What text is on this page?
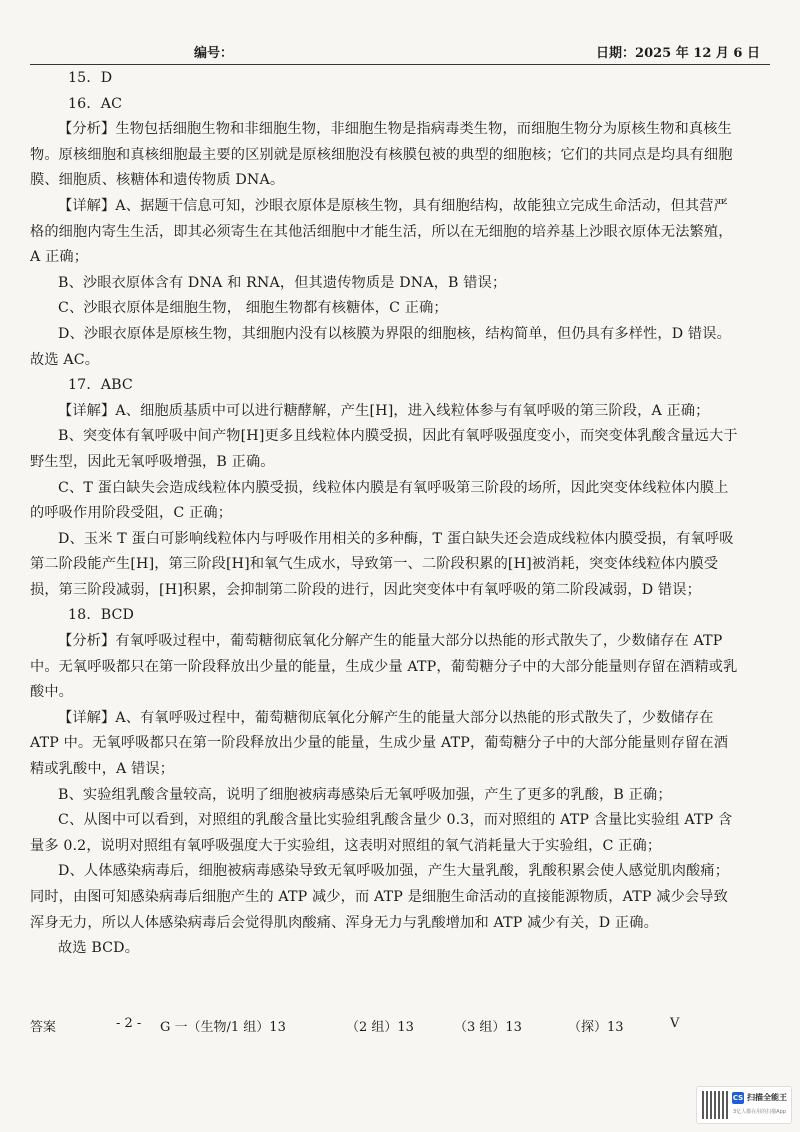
编号：	日期：2025 年 12 月 6 日
15．D
16．AC

【分析】生物包括细胞生物和非细胞生物，非细胞生物是指病毒类生物，而细胞生物分为原核生物和真核生物。原核细胞和真核细胞最主要的区别就是原核细胞没有核膜包被的典型的细胞核；它们的共同点是均具有细胞膜、细胞质、核糖体和遗传物质 DNA。

【详解】A、据题干信息可知，沙眼衣原体是原核生物，具有细胞结构，故能独立完成生命活动，但其营严格的细胞内寄生生活，即其必须寄生在其他活细胞中才能生活，所以在无细胞的培养基上沙眼衣原体无法繁殖，A 正确；

B、沙眼衣原体含有 DNA 和 RNA，但其遗传物质是 DNA，B 错误；

C、沙眼衣原体是细胞生物， 细胞生物都有核糖体，C 正确；

D、沙眼衣原体是原核生物，其细胞内没有以核膜为界限的细胞核，结构简单，但仍具有多样性，D 错误。 故选 AC。

17．ABC

【详解】A、细胞质基质中可以进行糖酵解，产生[H]，进入线粒体参与有氧呼吸的第三阶段，A 正确；

B、突变体有氧呼吸中间产物[H]更多且线粒体内膜受损，因此有氧呼吸强度变小，而突变体乳酸含量远大于野生型，因此无氧呼吸增强，B 正确。

C、T 蛋白缺失会造成线粒体内膜受损，线粒体内膜是有氧呼吸第三阶段的场所，因此突变体线粒体内膜上的呼吸作用阶段受阻，C 正确；

D、玉米 T 蛋白可影响线粒体内与呼吸作用相关的多种酶，T 蛋白缺失还会造成线粒体内膜受损，有氧呼吸第二阶段能产生[H]，第三阶段[H]和氧气生成水，导致第一、二阶段积累的[H]被消耗，突变体线粒体内膜受损，第三阶段减弱，[H]积累，会抑制第二阶段的进行，因此突变体中有氧呼吸的第二阶段减弱，D 错误；

18．BCD

【分析】有氧呼吸过程中，葡萄糖彻底氧化分解产生的能量大部分以热能的形式散失了，少数储存在 ATP 中。无氧呼吸都只在第一阶段释放出少量的能量，生成少量 ATP，葡萄糖分子中的大部分能量则存留在酒精或乳酸中。

【详解】A、有氧呼吸过程中，葡萄糖彻底氧化分解产生的能量大部分以热能的形式散失了，少数储存在 ATP 中。无氧呼吸都只在第一阶段释放出少量的能量，生成少量 ATP，葡萄糖分子中的大部分能量则存留在酒精或乳酸中，A 错误；

B、实验组乳酸含量较高，说明了细胞被病毒感染后无氧呼吸加强，产生了更多的乳酸，B 正确；

C、从图中可以看到，对照组的乳酸含量比实验组乳酸含量少 0.3，而对照组的 ATP 含量比实验组 ATP 含量多 0.2，说明对照组有氧呼吸强度大于实验组，这表明对照组的氧气消耗量大于实验组，C 正确；

D、人体感染病毒后，细胞被病毒感染导致无氧呼吸加强，产生大量乳酸，乳酸积累会使人感觉肌肉酸痛；同时，由图可知感染病毒后细胞产生的 ATP 减少，而 ATP 是细胞生命活动的直接能源物质，ATP 减少会导致浑身无力，所以人体感染病毒后会觉得肌肉酸痛、浑身无力与乳酸增加和 ATP 减少有关，D 正确。

故选 BCD。

答案	- 2 - G 一（生物/1 组）13	（2 组）13	（3 组）13	（探）13	V
CS 扫描全能王
3亿人都在用的扫描App
